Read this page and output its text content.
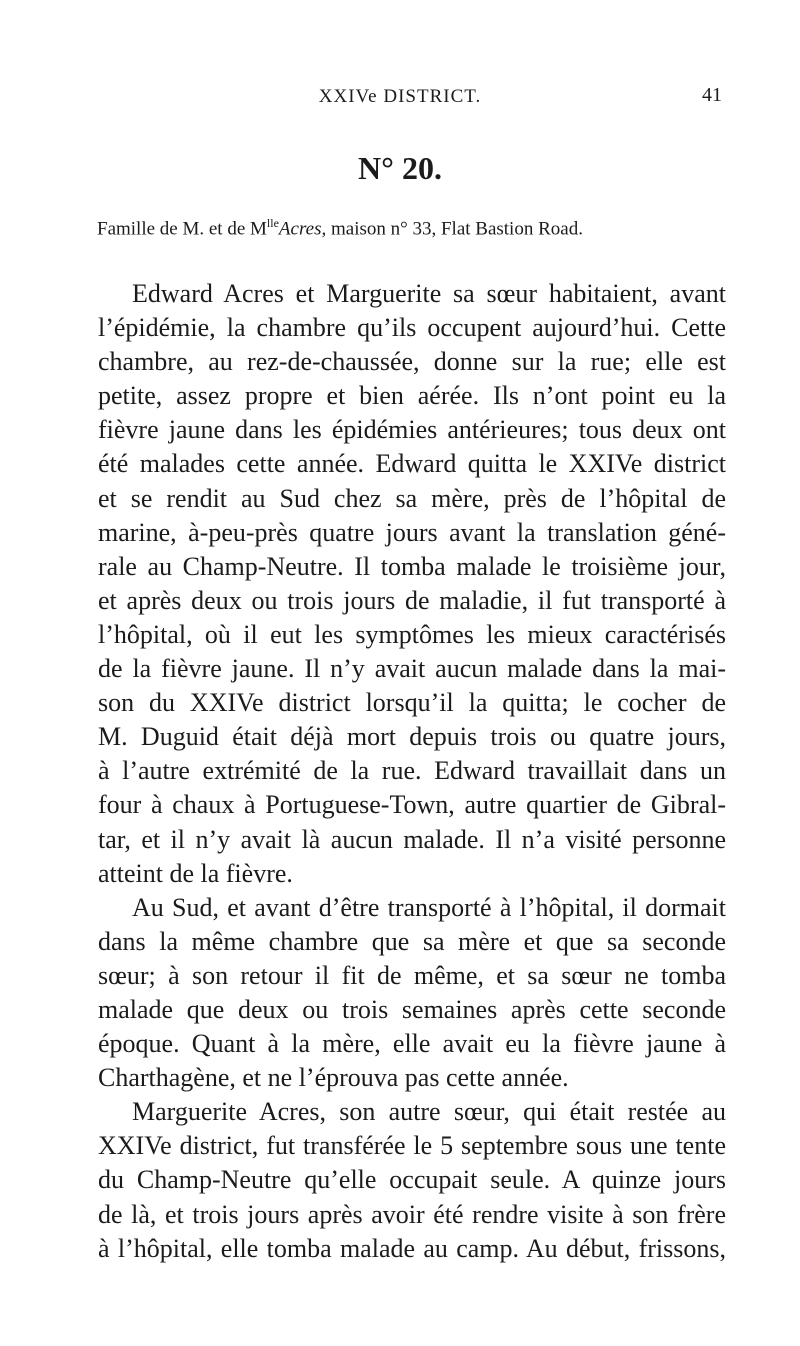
XXIVe DISTRICT.	41
N° 20.
Famille de M. et de $M^{lle}Acres$, maison n° 33, Flat Bastion Road.
Edward Acres et Marguerite sa sœur habitaient, avant
l’épidémie, la chambre qu’ils occupent aujourd’hui. Cette
chambre, au rez-de-chaussée, donne sur la rue; elle est
petite, assez propre et bien aérée. Ils n’ont point eu la
fièvre jaune dans les épidémies antérieures; tous deux ont
été malades cette année. Edward quitta le XXIVe district
et se rendit au Sud chez sa mère, près de l’hôpital de
marine, à-peu-près quatre jours avant la translation géné-
rale au Champ-Neutre. Il tomba malade le troisième jour,
et après deux ou trois jours de maladie, il fut transporté à
l’hôpital, où il eut les symptômes les mieux caractérisés
de la fièvre jaune. Il n’y avait aucun malade dans la mai-
son du XXIVe district lorsqu’il la quitta; le cocher de
M. Duguid était déjà mort depuis trois ou quatre jours,
à l’autre extrémité de la rue. Edward travaillait dans un
four à chaux à Portuguese-Town, autre quartier de Gibral-
tar, et il n’y avait là aucun malade. Il n’a visité personne
atteint de la fièvre.
Au Sud, et avant d’être transporté à l’hôpital, il dormait
dans la même chambre que sa mère et que sa seconde
sœur; à son retour il fit de même, et sa sœur ne tomba
malade que deux ou trois semaines après cette seconde
époque. Quant à la mère, elle avait eu la fièvre jaune à
Charthagène, et ne l’éprouva pas cette année.
Marguerite Acres, son autre sœur, qui était restée au
XXIVe district, fut transférée le 5 septembre sous une tente
du Champ-Neutre qu’elle occupait seule. A quinze jours
de là, et trois jours après avoir été rendre visite à son frère
à l’hôpital, elle tomba malade au camp. Au début, frissons,
